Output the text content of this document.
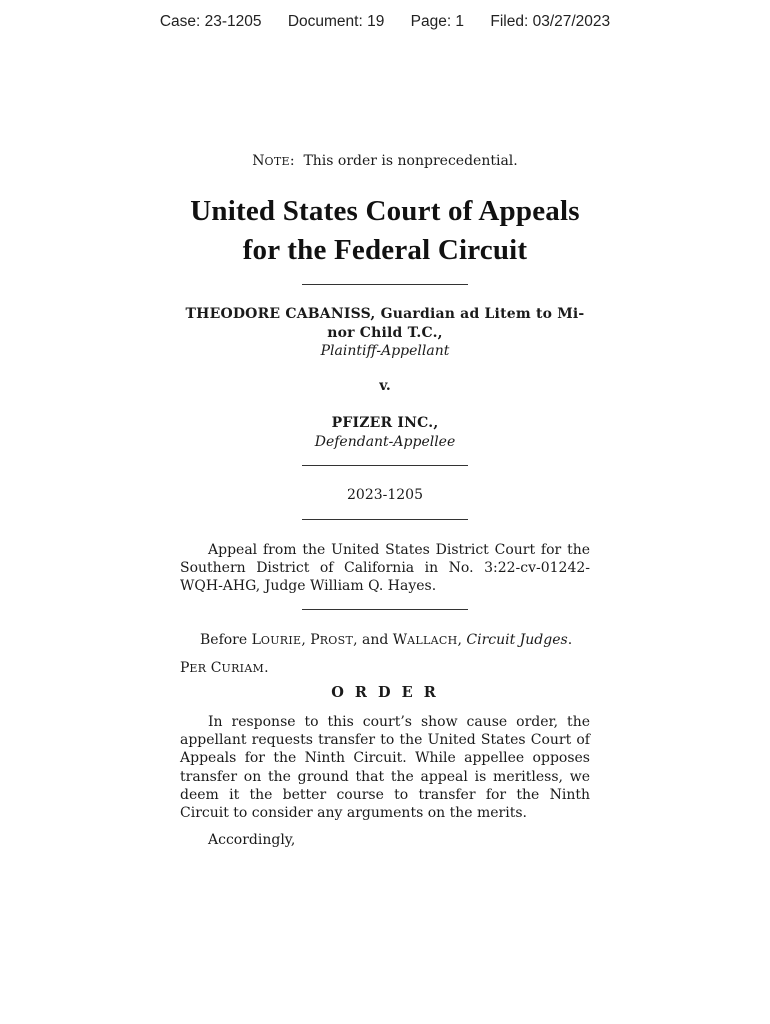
Case: 23-1205 Document: 19 Page: 1 Filed: 03/27/2023
NOTE: This order is nonprecedential.
United States Court of Appeals
for the Federal Circuit
THEODORE CABANISS, Guardian ad Litem to Mi-
nor Child T.C.,
Plaintiff-Appellant
v.
PFIZER INC.,
Defendant-Appellee
2023-1205
Appeal from the United States District Court for the Southern District of California in No. 3:22-cv-01242-WQH-AHG, Judge William Q. Hayes.
Before LOURIE, PROST, and WALLACH, Circuit Judges.
PER CURIAM.
O R D E R
In response to this court’s show cause order, the appellant requests transfer to the United States Court of Appeals for the Ninth Circuit. While appellee opposes transfer on the ground that the appeal is meritless, we deem it the better course to transfer for the Ninth Circuit to consider any arguments on the merits.
Accordingly,
